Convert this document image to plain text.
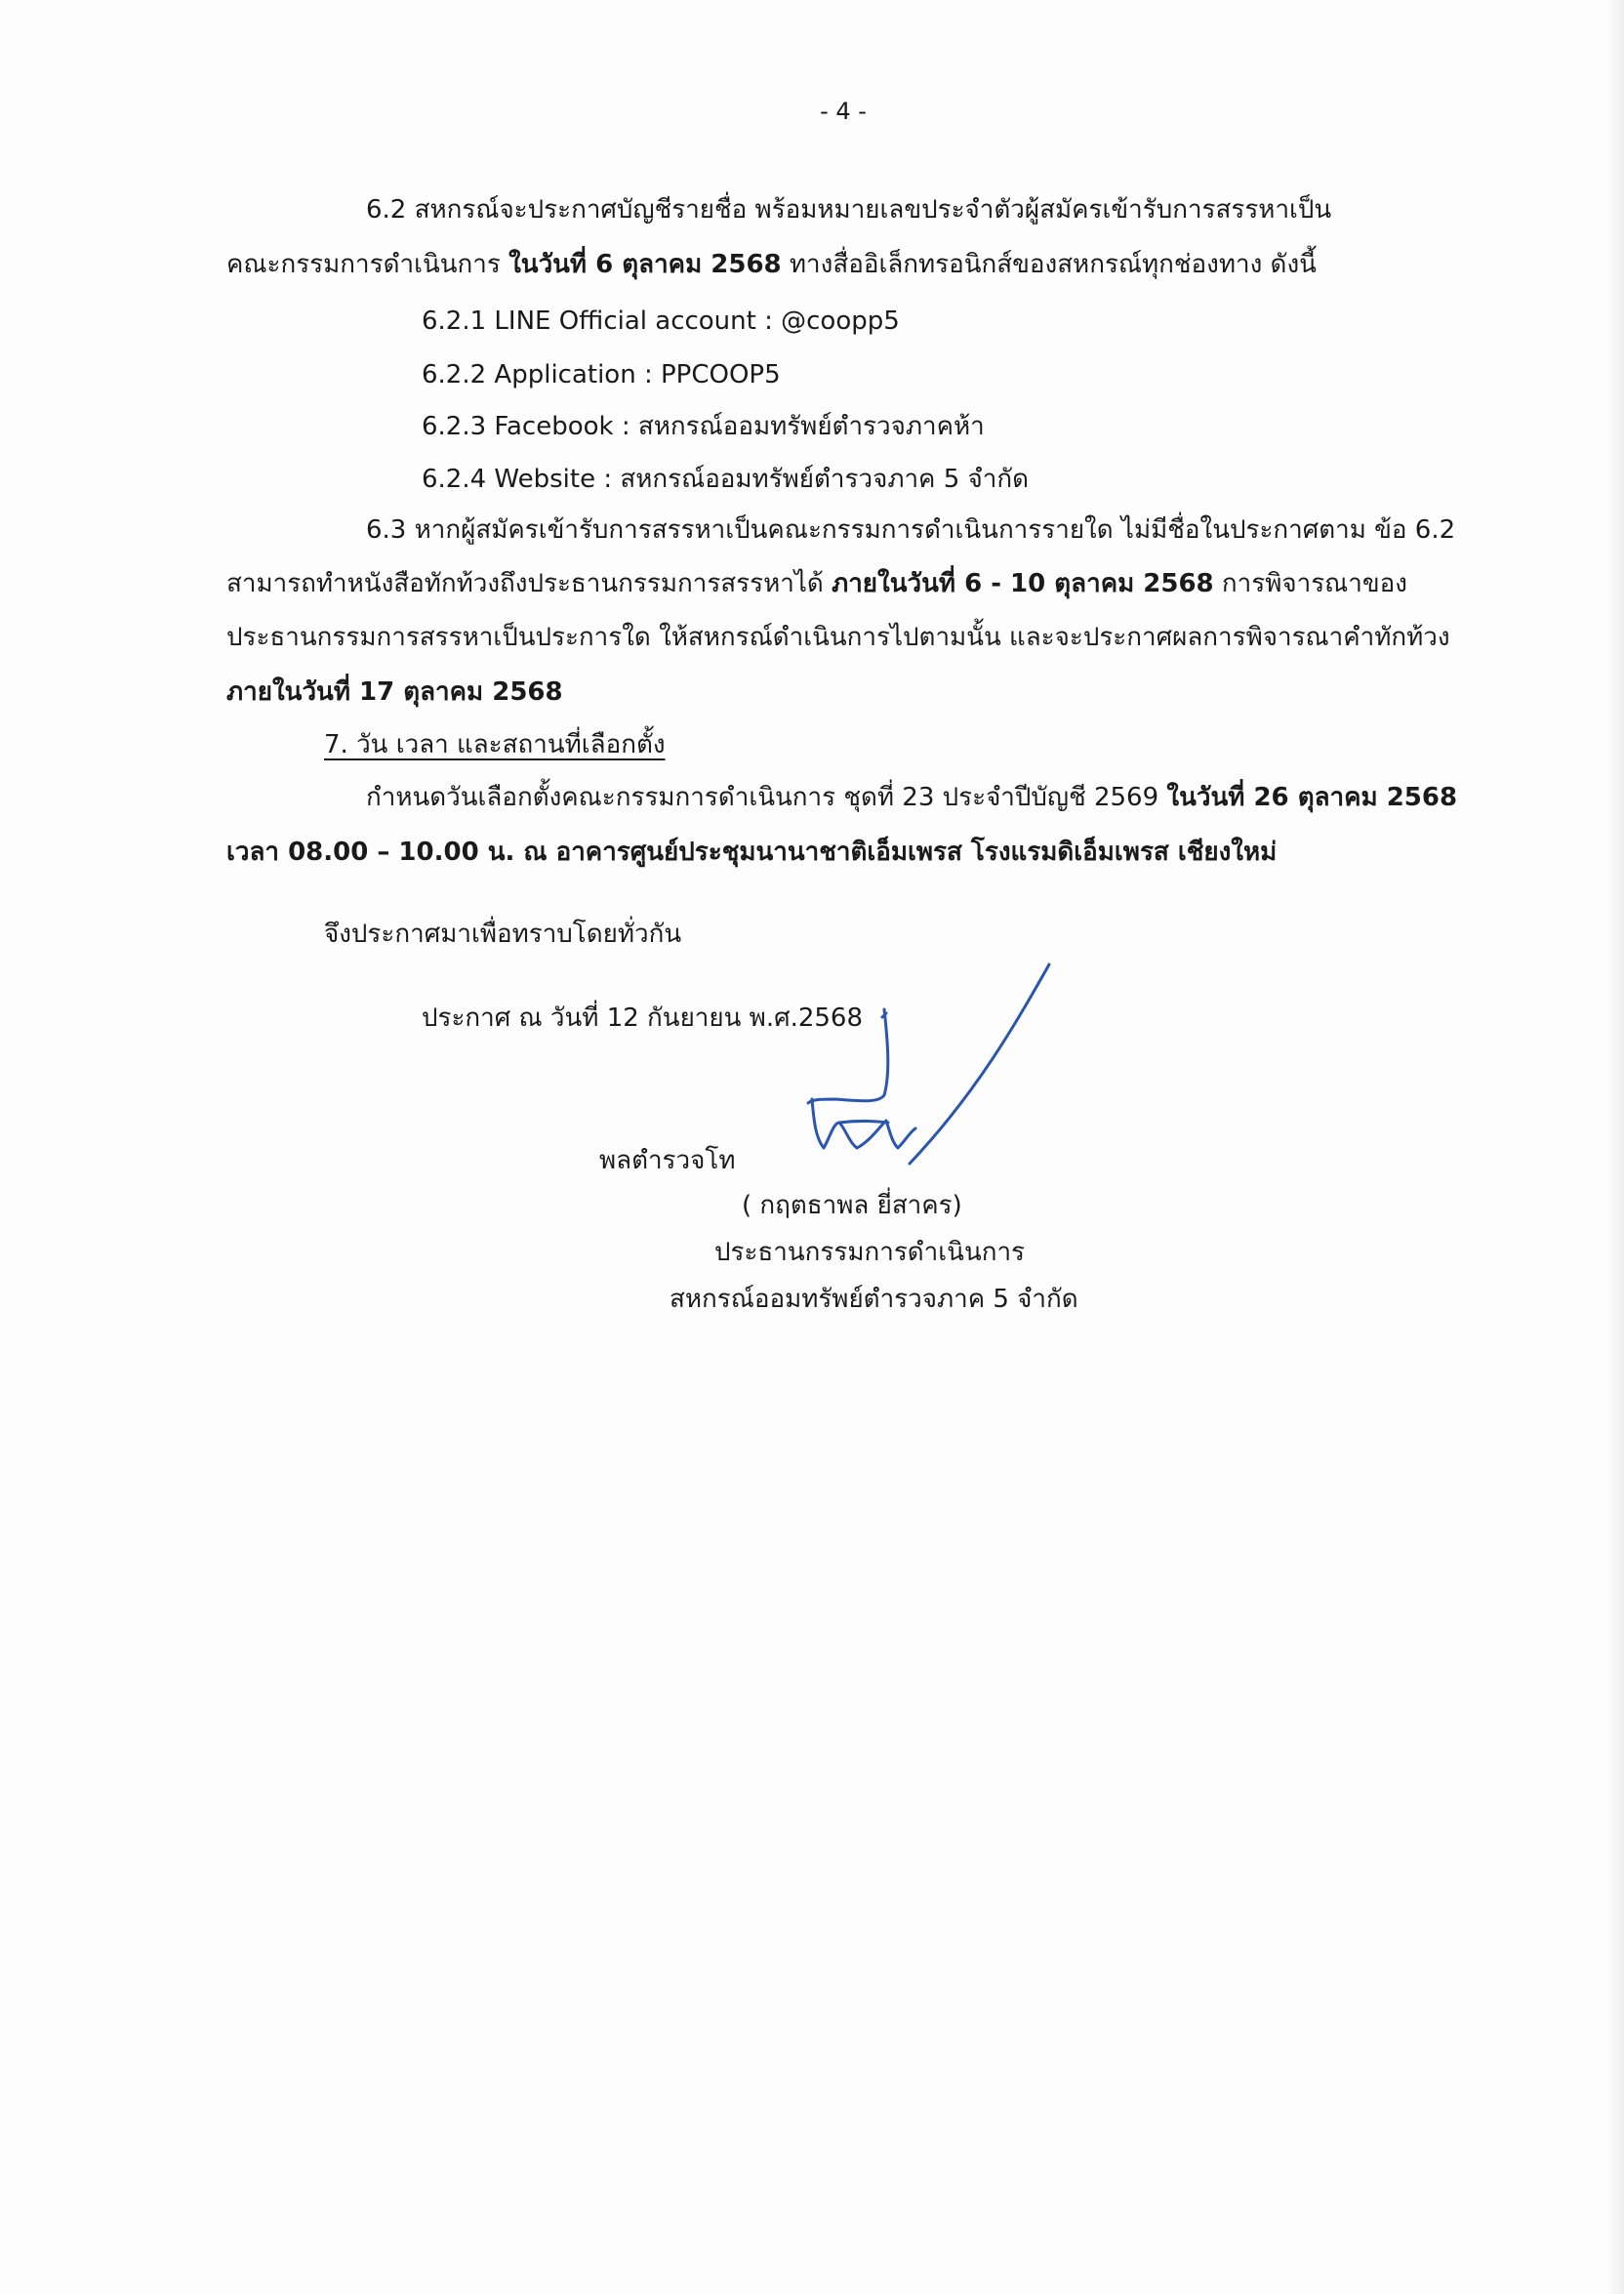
- 4 -
6.2 สหกรณ์จะประกาศบัญชีรายชื่อ พร้อมหมายเลขประจำตัวผู้สมัครเข้ารับการสรรหาเป็น
คณะกรรมการดำเนินการ ในวันที่ 6 ตุลาคม 2568 ทางสื่ออิเล็กทรอนิกส์ของสหกรณ์ทุกช่องทาง ดังนี้
6.2.1 LINE Official account : @coopp5
6.2.2 Application : PPCOOP5
6.2.3 Facebook : สหกรณ์ออมทรัพย์ตำรวจภาคห้า
6.2.4 Website : สหกรณ์ออมทรัพย์ตำรวจภาค 5 จำกัด
6.3 หากผู้สมัครเข้ารับการสรรหาเป็นคณะกรรมการดำเนินการรายใด ไม่มีชื่อในประกาศตาม ข้อ 6.2
สามารถทำหนังสือทักท้วงถึงประธานกรรมการสรรหาได้ ภายในวันที่ 6 - 10 ตุลาคม 2568 การพิจารณาของ
ประธานกรรมการสรรหาเป็นประการใด ให้สหกรณ์ดำเนินการไปตามนั้น และจะประกาศผลการพิจารณาคำทักท้วง
ภายในวันที่ 17 ตุลาคม 2568
7. วัน เวลา และสถานที่เลือกตั้ง
กำหนดวันเลือกตั้งคณะกรรมการดำเนินการ ชุดที่ 23 ประจำปีบัญชี 2569 ในวันที่ 26 ตุลาคม 2568
เวลา 08.00 – 10.00 น. ณ อาคารศูนย์ประชุมนานาชาติเอ็มเพรส โรงแรมดิเอ็มเพรส เชียงใหม่
จึงประกาศมาเพื่อทราบโดยทั่วกัน
ประกาศ ณ วันที่ 12 กันยายน พ.ศ.2568
พลตำรวจโท
( กฤตธาพล ยี่สาคร)
ประธานกรรมการดำเนินการ
สหกรณ์ออมทรัพย์ตำรวจภาค 5 จำกัด
